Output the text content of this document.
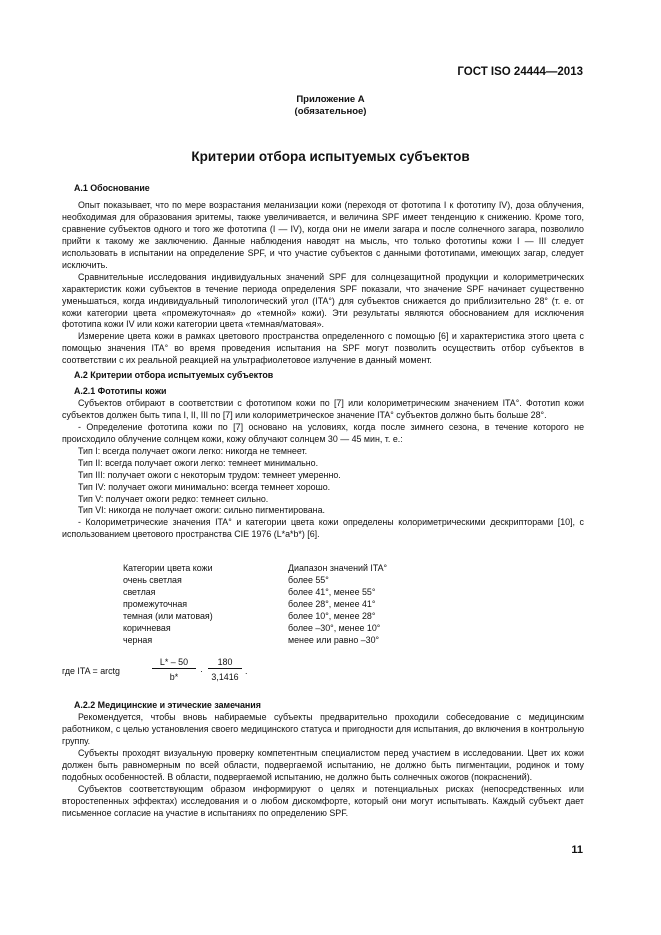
ГОСТ ISO 24444—2013
Приложение А
(обязательное)
Критерии отбора испытуемых субъектов
А.1 Обоснование

Опыт показывает, что по мере возрастания меланизации кожи (переходя от фототипа I к фототипу IV), доза облучения, необходимая для образования эритемы, также увеличивается, и величина SPF имеет тенденцию к снижению. Кроме того, сравнение субъектов одного и того же фототипа (I — IV), когда они не имели загара и после солнечного загара, позволило прийти к такому же заключению. Данные наблюдения наводят на мысль, что только фототипы кожи I — III следует использовать в испытании на определение SPF, и что участие субъектов с данными фототипами, имеющих загар, следует исключить.

Сравнительные исследования индивидуальных значений SPF для солнцезащитной продукции и колориметрических характеристик кожи субъектов в течение периода определения SPF показали, что значение SPF начинает существенно уменьшаться, когда индивидуальный типологический угол (ITA°) для субъектов снижается до приблизительно 28° (т. е. от кожи категории цвета «промежуточная» до «темной» кожи). Эти результаты являются обоснованием для исключения фототипа кожи IV или кожи категории цвета «темная/матовая».

Измерение цвета кожи в рамках цветового пространства определенного с помощью [6] и характеристика этого цвета с помощью значения ITA° во время проведения испытания на SPF могут позволить осуществить отбор субъектов в соответствии с их реальной реакцией на ультрафиолетовое излучение в данный момент.

А.2 Критерии отбора испытуемых субъектов
А.2.1 Фототипы кожи

Субъектов отбирают в соответствии с фототипом кожи по [7] или колориметрическим значением ITA°. Фототип кожи субъектов должен быть типа I, II, III по [7] или колориметрическое значение ITA° субъектов должно быть больше 28°.

- Определение фототипа кожи по [7] основано на условиях, когда после зимнего сезона, в течение которого не происходило облучение солнцем кожи, кожу облучают солнцем 30 — 45 мин, т. е.:

Тип I: всегда получает ожоги легко: никогда не темнеет.

Тип II: всегда получает ожоги легко: темнеет минимально.

Тип III: получает ожоги с некоторым трудом: темнеет умеренно.

Тип IV: получает ожоги минимально: всегда темнеет хорошо.

Тип V: получает ожоги редко: темнеет сильно.

Тип VI: никогда не получает ожоги: сильно пигментирована.

- Колориметрические значения ITA° и категории цвета кожи определены колориметрическими дескрипторами [10], с использованием цветового пространства CIE 1976 (L*a*b*) [6].

Категории цвета кожи	Диапазон значений ITA°
очень светлая	более 55°
светлая	более 41°, менее 55°
промежуточная	более 28°, менее 41°
темная (или матовая)	более 10°, менее 28°
коричневая	более –30°, менее 10°
черная	менее или равно –30°
где ITA = arctg
L* – 50
b*
·
180
3,1416
.
А.2.2 Медицинские и этические замечания

Рекомендуется, чтобы вновь набираемые субъекты предварительно проходили собеседование с медицинским работником, с целью установления своего медицинского статуса и пригодности для испытания, до включения в контрольную группу.

Субъекты проходят визуальную проверку компетентным специалистом перед участием в исследовании. Цвет их кожи должен быть равномерным по всей области, подвергаемой испытанию, не должно быть пигментации, родинок и тому подобных особенностей. В области, подвергаемой испытанию, не должно быть солнечных ожогов (покраснений).

Субъектов соответствующим образом информируют о целях и потенциальных рисках (непосредственных или второстепенных эффектах) исследования и о любом дискомфорте, который они могут испытывать. Каждый субъект дает письменное согласие на участие в испытаниях по определению SPF.

11
